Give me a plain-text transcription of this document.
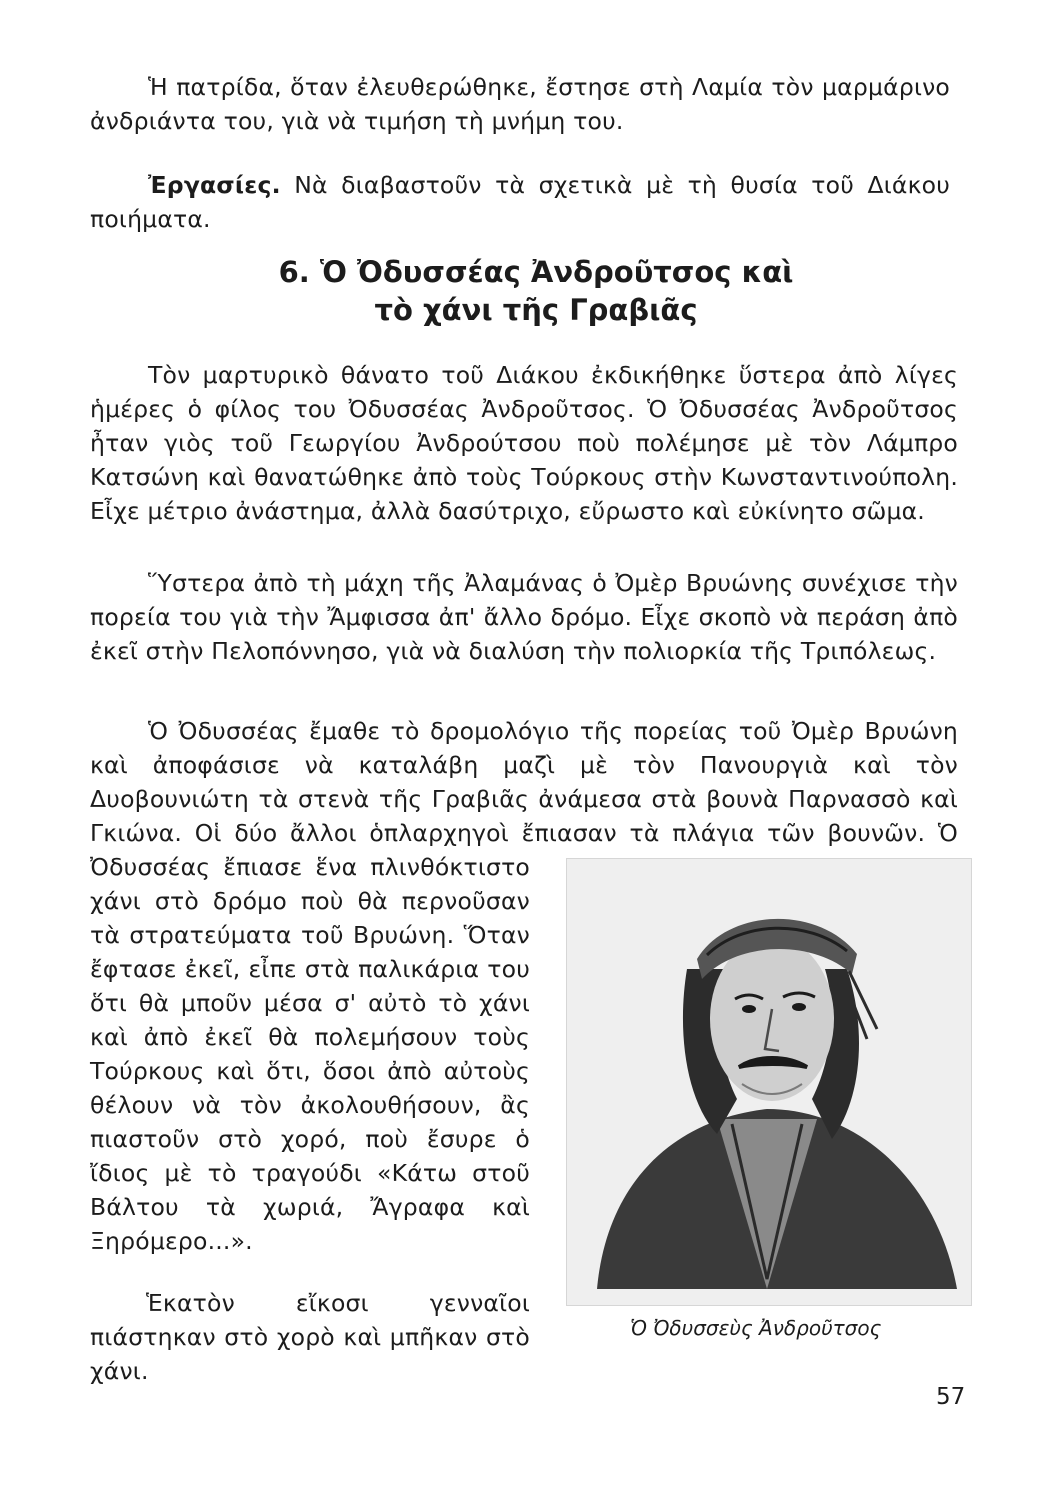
Ἡ πατρίδα, ὅταν ἐλευθερώθηκε, ἔστησε στὴ Λαμία τὸν μαρμάρινο ἀνδριάντα του, γιὰ νὰ τιμήση τὴ μνήμη του.

Ἐργασίες. Νὰ διαβαστοῦν τὰ σχετικὰ μὲ τὴ θυσία τοῦ Διάκου ποιήματα.

6. Ὁ Ὀδυσσέας Ἀνδροῦτσος καὶ
τὸ χάνι τῆς Γραβιᾶς

Τὸν μαρτυρικὸ θάνατο τοῦ Διάκου ἐκδικήθηκε ὕστερα ἀπὸ λίγες ἡμέρες ὁ φίλος του Ὀδυσσέας Ἀνδροῦτσος. Ὁ Ὀδυσσέας Ἀνδροῦτσος ἦταν γιὸς τοῦ Γεωργίου Ἀνδρούτσου ποὺ πολέμησε μὲ τὸν Λάμπρο Κατσώνη καὶ θανατώθηκε ἀπὸ τοὺς Τούρκους στὴν Κωνσταντινούπολη. Εἶχε μέτριο ἀνάστημα, ἀλλὰ δασύτριχο, εὔρωστο καὶ εὐκίνητο σῶμα.

Ὕστερα ἀπὸ τὴ μάχη τῆς Ἀλαμάνας ὁ Ὀμὲρ Βρυώνης συνέχισε τὴν πορεία του γιὰ τὴν Ἄμφισσα ἀπ' ἄλλο δρόμο. Εἶχε σκοπὸ νὰ περάση ἀπὸ ἐκεῖ στὴν Πελοπόννησο, γιὰ νὰ διαλύση τὴν πολιορκία τῆς Τριπόλεως.

Ὁ Ὀδυσσέας ἔμαθε τὸ δρομολόγιο τῆς πορείας τοῦ Ὀμὲρ Βρυώνη καὶ ἀποφάσισε νὰ καταλάβη μαζὶ μὲ τὸν Πανουργιὰ καὶ τὸν Δυοβουνιώτη τὰ στενὰ τῆς Γραβιᾶς ἀνάμεσα στὰ βουνὰ Παρνασσὸ καὶ Γκιώνα. Οἱ δύο ἄλλοι ὁπλαρχηγοὶ ἔπιασαν τὰ πλάγια τῶν βουνῶν. Ὁ

Ὀδυσσέας ἔπιασε ἕνα πλινθόκτιστο χάνι στὸ δρόμο ποὺ θὰ περνοῦσαν τὰ στρατεύματα τοῦ Βρυώνη. Ὅταν ἔφτασε ἐκεῖ, εἶπε στὰ παλικάρια του ὅτι θὰ μποῦν μέσα σ' αὐτὸ τὸ χάνι καὶ ἀπὸ ἐκεῖ θὰ πολεμήσουν τοὺς Τούρκους καὶ ὅτι, ὅσοι ἀπὸ αὐτοὺς θέλουν νὰ τὸν ἀκολουθήσουν, ἂς πιαστοῦν στὸ χορό, ποὺ ἔσυρε ὁ ἴδιος μὲ τὸ τραγούδι «Κάτω στοῦ Βάλτου τὰ χωριά, Ἄγραφα καὶ Ξηρόμερο...».

Ἑκατὸν εἴκοσι γενναῖοι πιάστηκαν στὸ χορὸ καὶ μπῆκαν στὸ χάνι.

Ὁ Ὀδυσσεὺς Ἀνδροῦτσος

57
